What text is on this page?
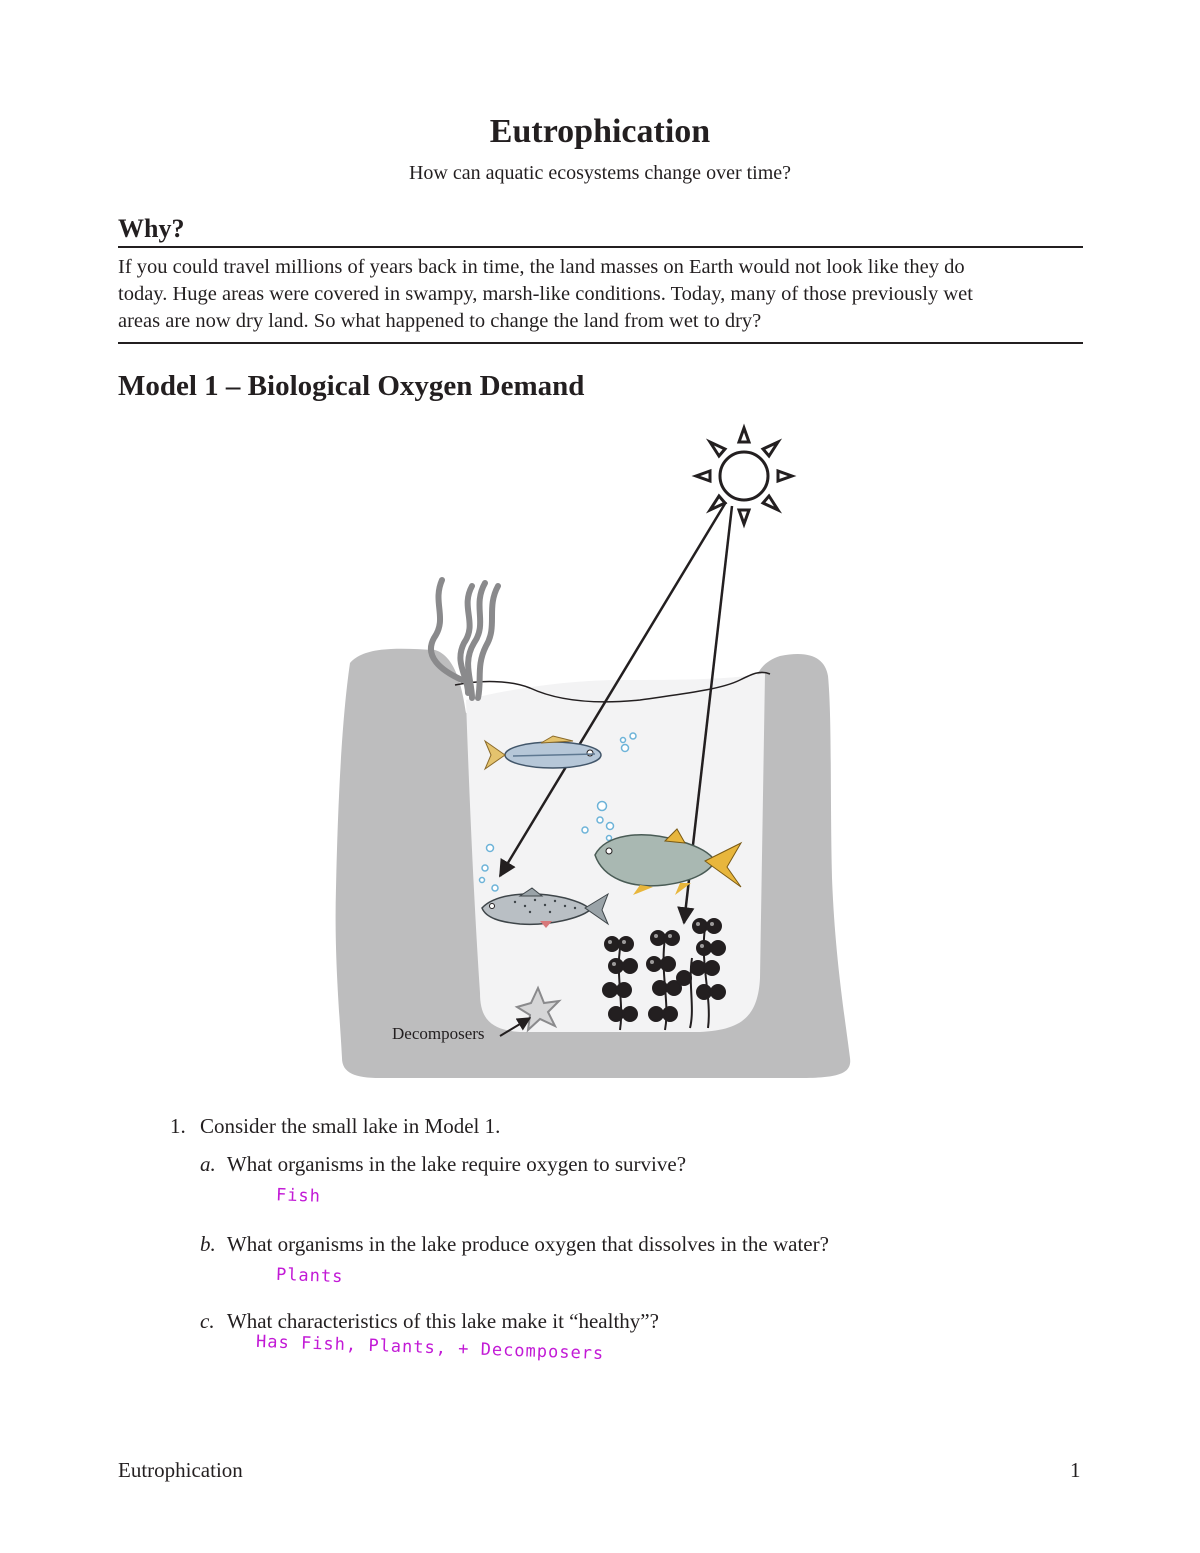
Eutrophication
How can aquatic ecosystems change over time?
Why?
If you could travel millions of years back in time, the land masses on Earth would not look like they do
today. Huge areas were covered in swampy, marsh-like conditions. Today, many of those previously wet
areas are now dry land. So what happened to change the land from wet to dry?
Model 1 – Biological Oxygen Demand
Decomposers
1. Consider the small lake in Model 1.
a. What organisms in the lake require oxygen to survive?
Fish
b. What organisms in the lake produce oxygen that dissolves in the water?
Plants
c. What characteristics of this lake make it “healthy”?
Has Fish, Plants, + Decomposers
Eutrophication	1
